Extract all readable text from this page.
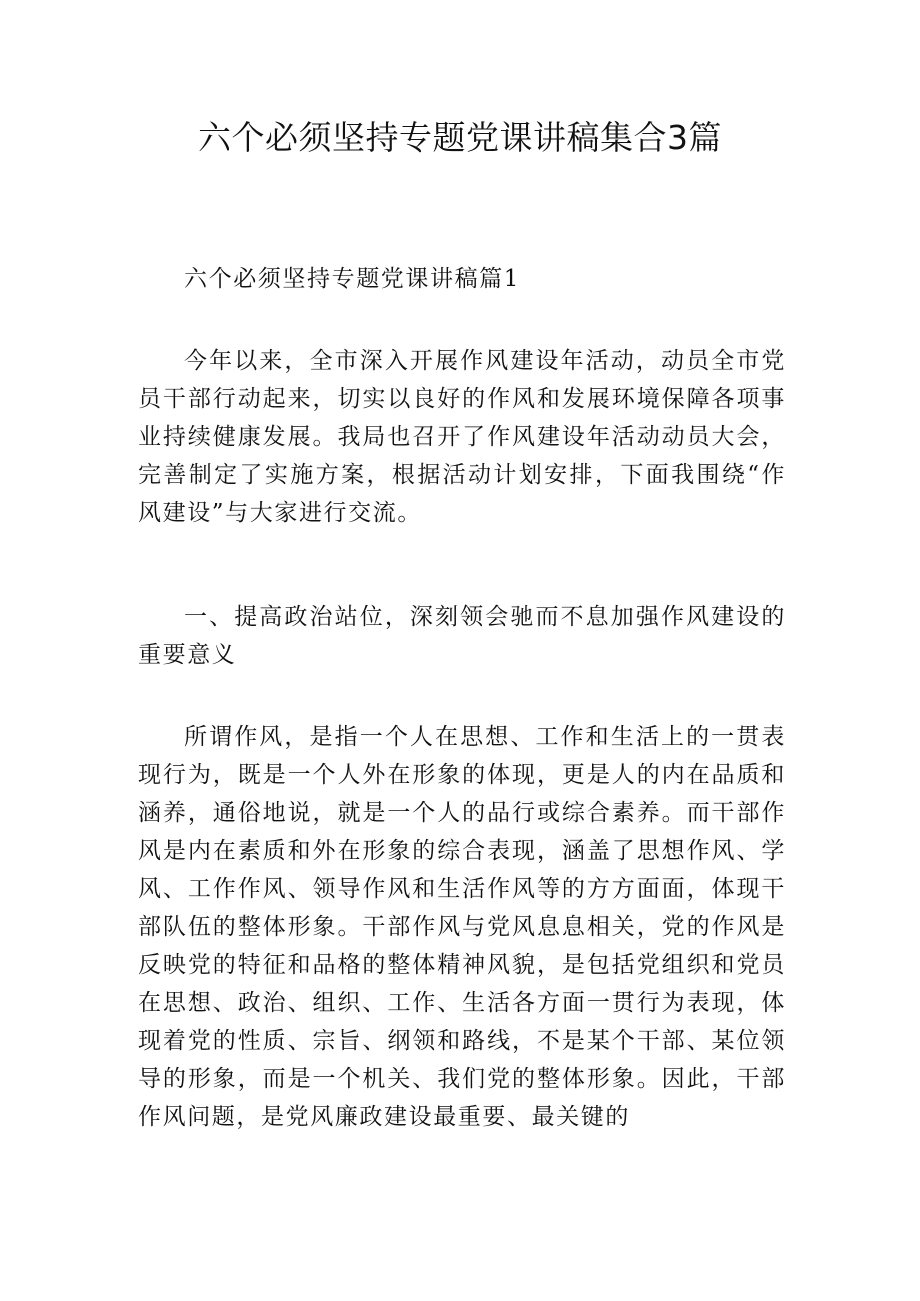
六个必须坚持专题党课讲稿集合3篇

六个必须坚持专题党课讲稿篇1

今年以来，全市深入开展作风建设年活动，动员全市党员干部行动起来，切实以良好的作风和发展环境保障各项事业持续健康发展。我局也召开了作风建设年活动动员大会，完善制定了实施方案，根据活动计划安排，下面我围绕“作风建设”与大家进行交流。

一、提高政治站位，深刻领会驰而不息加强作风建设的重要意义

所谓作风，是指一个人在思想、工作和生活上的一贯表现行为，既是一个人外在形象的体现，更是人的内在品质和涵养，通俗地说，就是一个人的品行或综合素养。而干部作风是内在素质和外在形象的综合表现，涵盖了思想作风、学风、工作作风、领导作风和生活作风等的方方面面，体现干部队伍的整体形象。干部作风与党风息息相关，党的作风是反映党的特征和品格的整体精神风貌，是包括党组织和党员在思想、政治、组织、工作、生活各方面一贯行为表现，体现着党的性质、宗旨、纲领和路线，不是某个干部、某位领导的形象，而是一个机关、我们党的整体形象。因此，干部作风问题，是党风廉政建设最重要、最关键的
